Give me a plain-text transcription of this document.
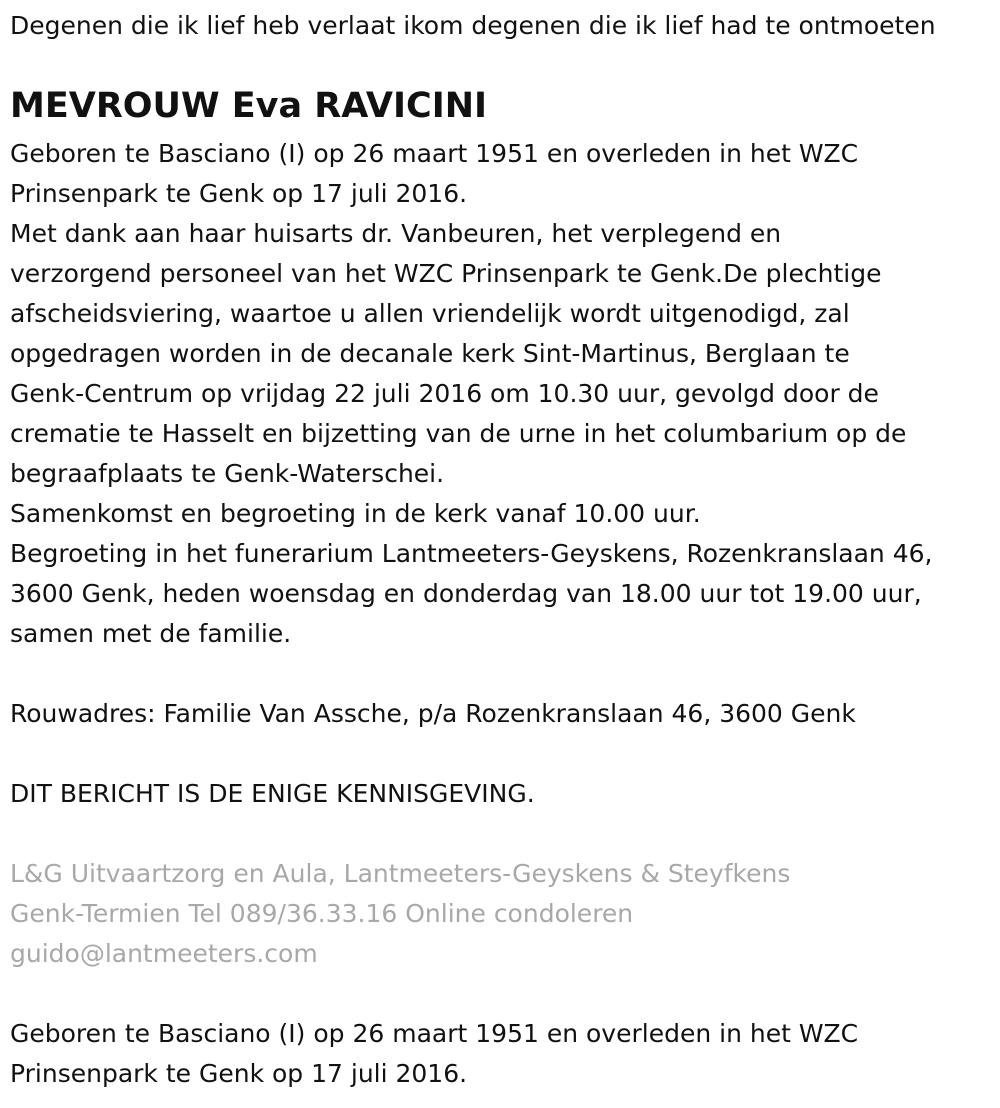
Degenen die ik lief heb verlaat ikom degenen die ik lief had te ontmoeten
MEVROUW Eva RAVICINI
Geboren te Basciano (I) op 26 maart 1951 en overleden in het WZC
Prinsenpark te Genk op 17 juli 2016.
Met dank aan haar huisarts dr. Vanbeuren, het verplegend en
verzorgend personeel van het WZC Prinsenpark te Genk.De plechtige
afscheidsviering, waartoe u allen vriendelijk wordt uitgenodigd, zal
opgedragen worden in de decanale kerk Sint-Martinus, Berglaan te
Genk-Centrum op vrijdag 22 juli 2016 om 10.30 uur, gevolgd door de
crematie te Hasselt en bijzetting van de urne in het columbarium op de
begraafplaats te Genk-Waterschei.
Samenkomst en begroeting in de kerk vanaf 10.00 uur.
Begroeting in het funerarium Lantmeeters-Geyskens, Rozenkranslaan 46,
3600 Genk, heden woensdag en donderdag van 18.00 uur tot 19.00 uur,
samen met de familie.
Rouwadres: Familie Van Assche, p/a Rozenkranslaan 46, 3600 Genk
DIT BERICHT IS DE ENIGE KENNISGEVING.
L&G Uitvaartzorg en Aula, Lantmeeters-Geyskens & Steyfkens
Genk-Termien Tel 089/36.33.16 Online condoleren
guido@lantmeeters.com
Geboren te Basciano (I) op 26 maart 1951 en overleden in het WZC
Prinsenpark te Genk op 17 juli 2016.
